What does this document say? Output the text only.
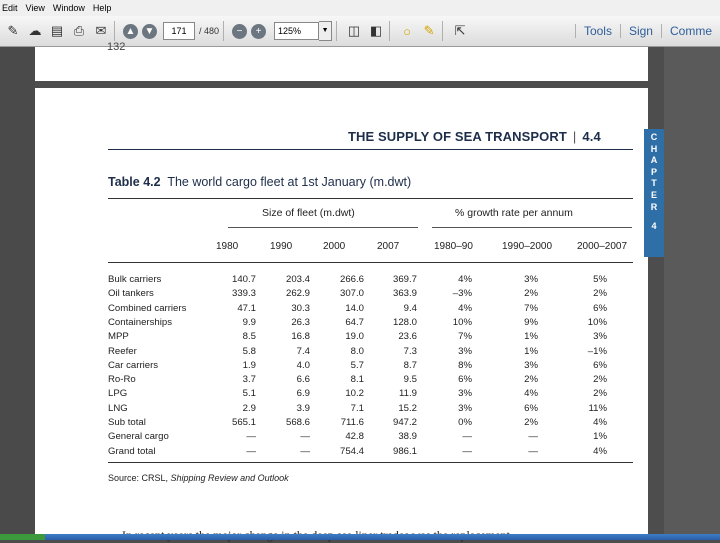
Edit View Window Help
✎ ☁ ▤ ⎙ ✉	▲ ▼	171	/ 480	−	+	125%	▼ ◫ ◧	○ ✎ ⇱	Tools	Sign	Comme
132
C
H
A
P
T
E
R
4
THE SUPPLY OF SEA TRANSPORT | 4.4
Table 4.2 The world cargo fleet at 1st January (m.dwt)
Size of fleet (m.dwt)	% growth rate per annum
1980	1990	2000	2007	1980–90	1990–2000 2000–2007
Bulk carriers	140.7	203.4	266.6	369.7	4%	3%	5%
Oil tankers	339.3	262.9	307.0	363.9	–3%	2%	2%
Combined carriers	47.1	30.3	14.0	9.4	4%	7%	6%
Containerships	9.9	26.3	64.7	128.0	10%	9%	10%
MPP	8.5	16.8	19.0	23.6	7%	1%	3%
Reefer	5.8	7.4	8.0	7.3	3%	1%	–1%
Car carriers	1.9	4.0	5.7	8.7	8%	3%	6%
Ro-Ro	3.7	6.6	8.1	9.5	6%	2%	2%
LPG	5.1	6.9	10.2	11.9	3%	4%	2%
LNG	2.9	3.9	7.1	15.2	3%	6%	11%
Sub total	565.1	568.6	711.6	947.2	0%	2%	4%
General cargo	—	—	42.8	38.9	—	—	1%
Grand total	—	—	754.4	986.1	—	—	4%
Source: CRSL, Shipping Review and Outlook
